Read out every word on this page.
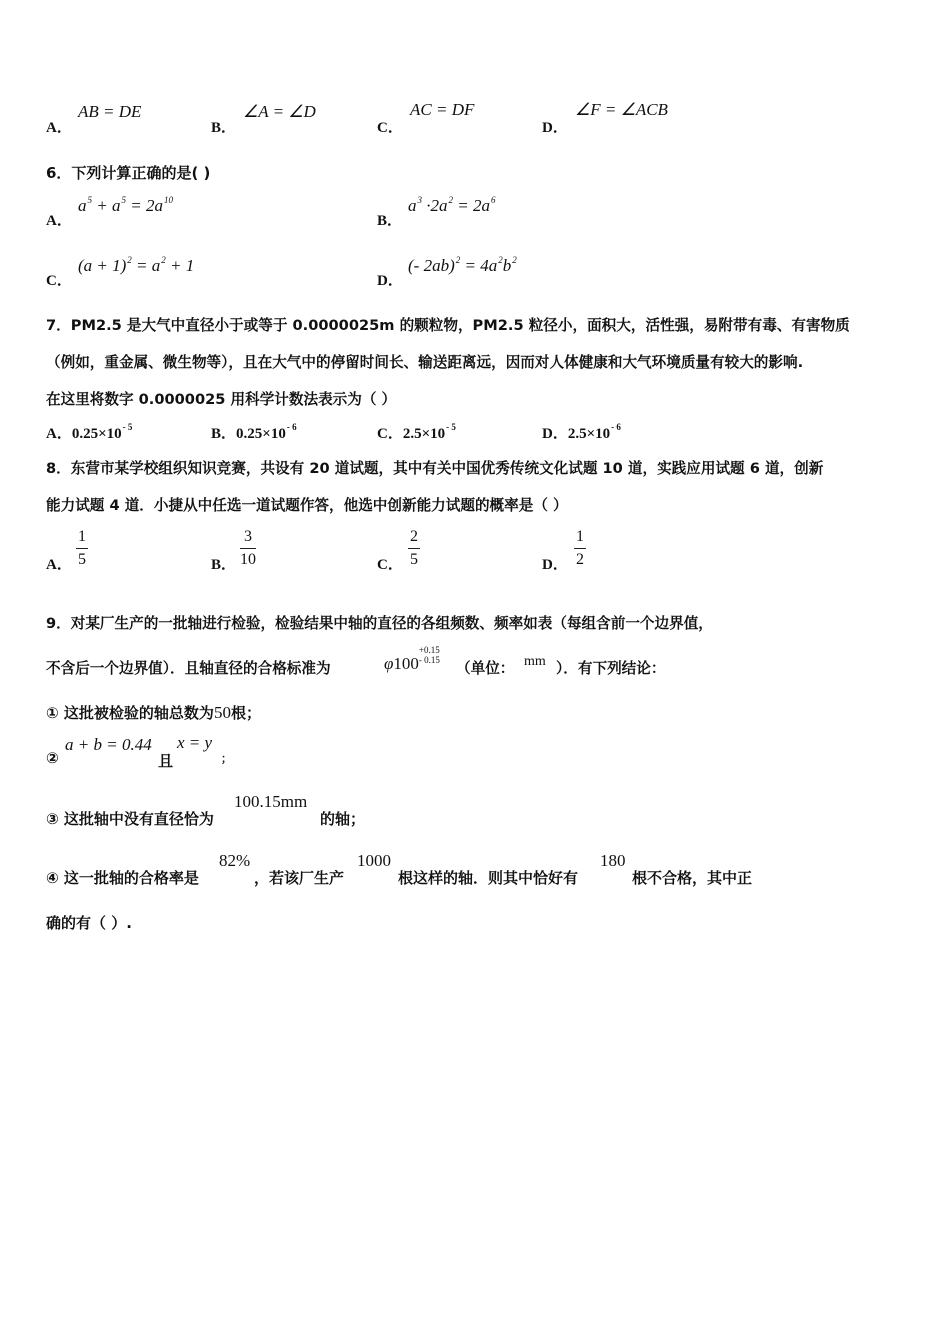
A．
AB = DE
B．
∠A = ∠D
C．
AC = DF
D．
∠F = ∠ACB
6．下列计算正确的是( )
A．
$a^5 + a^5 = 2a^{10}$
B．
$a^3 \cdot 2a^2 = 2a^6$
C．
$(a + 1)^2 = a^2 + 1$
D．
(- $2ab)^2 = 4a^2b^2$
7．PM2.5 是大气中直径小于或等于 0.0000025m 的颗粒物，PM2.5 粒径小，面积大，活性强，易附带有毒、有害物质
（例如，重金属、微生物等），且在大气中的停留时间长、输送距离远，因而对人体健康和大气环境质量有较大的影响.
在这里将数字 0.0000025 用科学计数法表示为（ ）
A．$0.25\times 10^{- 5}$	B．$0.25\times 10^{- 6}$	C．$2.5\times 10^{- 5}$	D．$2.5\times 10^{- 6}$
8．东营市某学校组织知识竞赛，共设有 20 道试题，其中有关中国优秀传统文化试题 10 道，实践应用试题 6 道，创新
能力试题 4 道．小捷从中任选一道试题作答，他选中创新能力试题的概率是（ ）
A． $\frac{1}{5}$	B． $\frac{3}{10}$	C． $\frac{2}{5}$	D． $\frac{1}{2}$
9．对某厂生产的一批轴进行检验，检验结果中轴的直径的各组频数、频率如表（每组含前一个边界值，
不含后一个边界值）．且轴直径的合格标准为	φ100
+0.15
- 0.15 （单位： mm ）．有下列结论：
① 这批被检验的轴总数为50根；
②
a + b = 0.44
且
x = y
；
③ 这批轴中没有直径恰为
100.15mm
的轴；
④ 这一批轴的合格率是
82%
，若该厂生产
1000
根这样的轴．则其中恰好有
180
根不合格，其中正
确的有（ ）.
